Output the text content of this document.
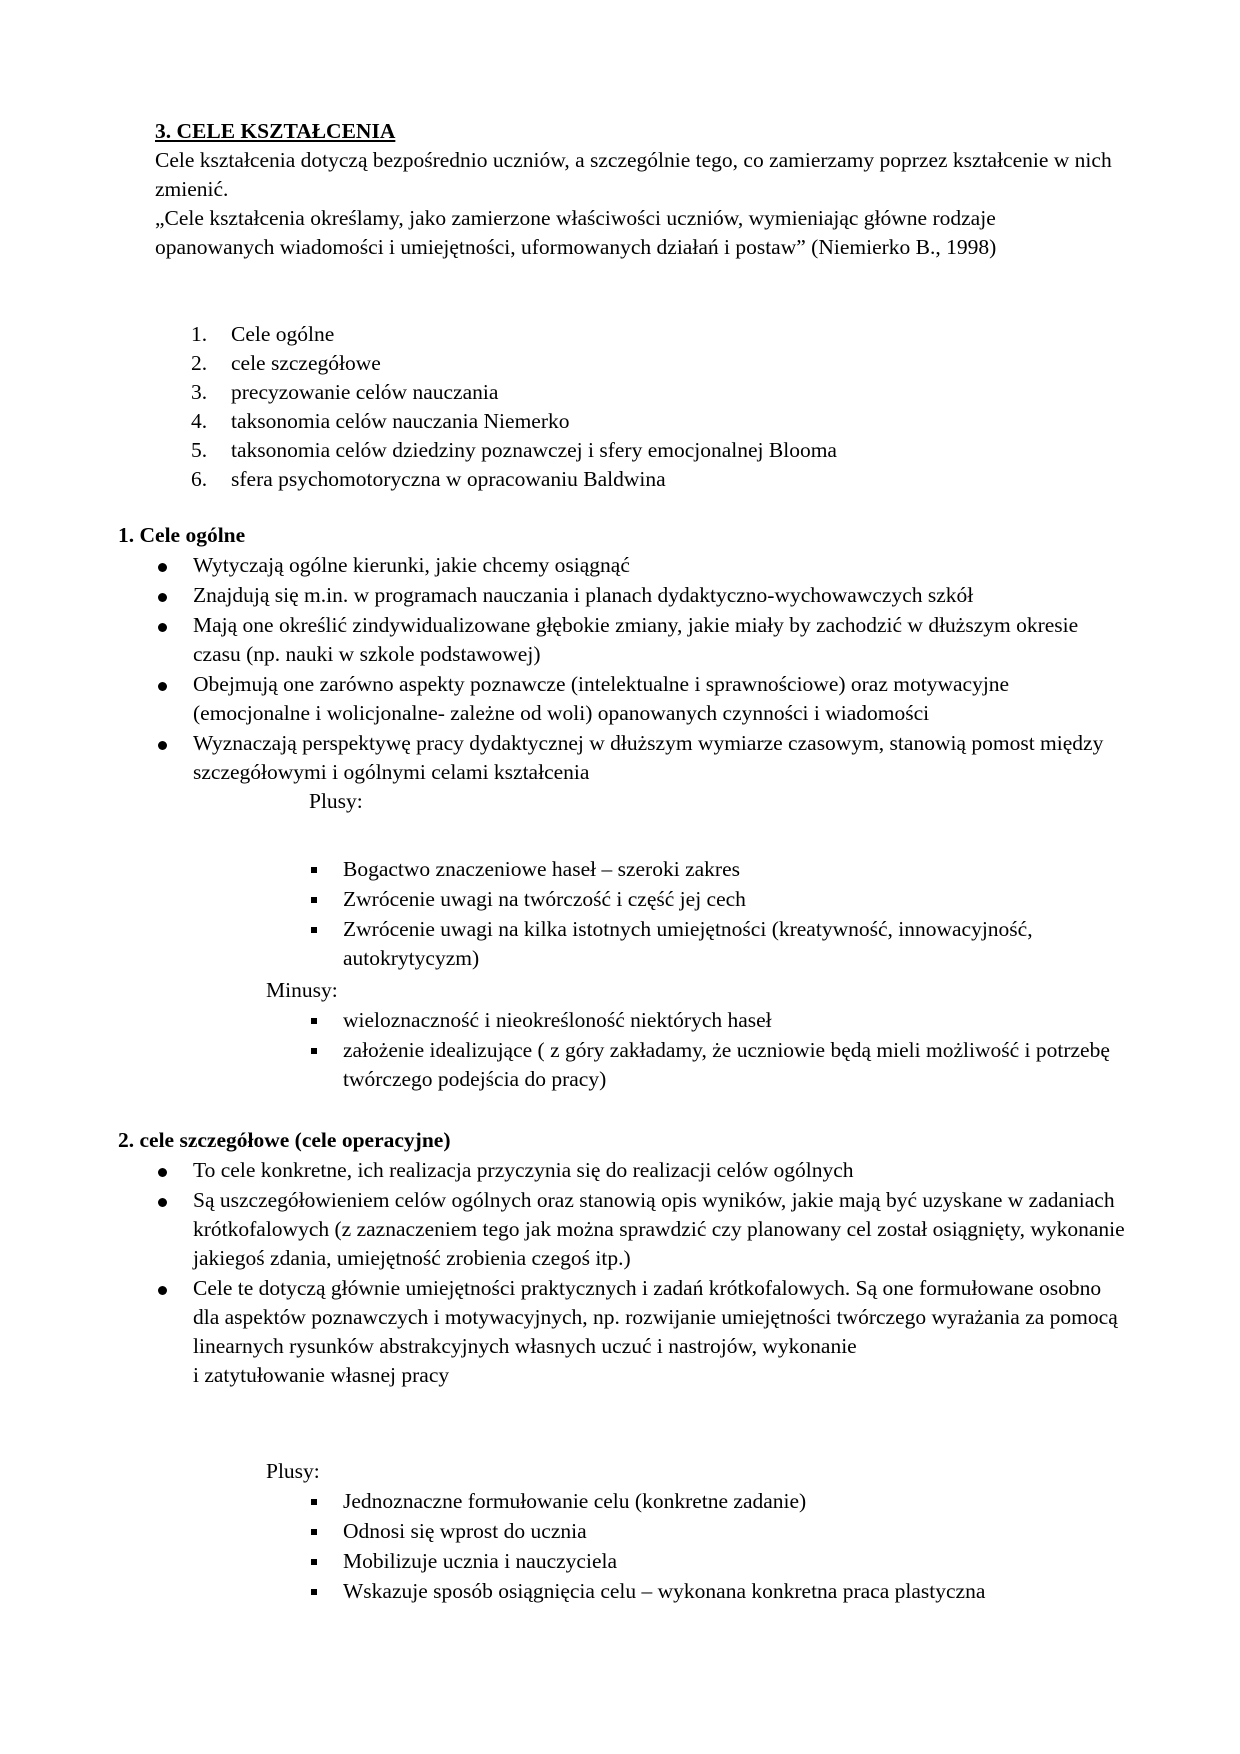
3. CELE KSZTAŁCENIA

Cele kształcenia dotyczą bezpośrednio uczniów, a szczególnie tego, co zamierzamy poprzez kształcenie w nich zmienić.

„Cele kształcenia określamy, jako zamierzone właściwości uczniów, wymieniając główne rodzaje opanowanych wiadomości i umiejętności, uformowanych działań i postaw” (Niemierko B., 1998)

1. Cele ogólne
2. cele szczegółowe
3. precyzowanie celów nauczania
4. taksonomia celów nauczania Niemerko
5. taksonomia celów dziedziny poznawczej i sfery emocjonalnej Blooma
6. sfera psychomotoryczna w opracowaniu Baldwina
1. Cele ogólne
Wytyczają ogólne kierunki, jakie chcemy osiągnąć
Znajdują się m.in. w programach nauczania i planach dydaktyczno-wychowawczych szkół
Mają one określić zindywidualizowane głębokie zmiany, jakie miały by zachodzić w dłuższym okresie czasu (np. nauki w szkole podstawowej)
Obejmują one zarówno aspekty poznawcze (intelektualne i sprawnościowe) oraz motywacyjne (emocjonalne i wolicjonalne- zależne od woli) opanowanych czynności i wiadomości
Wyznaczają perspektywę pracy dydaktycznej w dłuższym wymiarze czasowym, stanowią pomost między szczegółowymi i ogólnymi celami kształcenia
Plusy:
Bogactwo znaczeniowe haseł – szeroki zakres
Zwrócenie uwagi na twórczość i część jej cech
Zwrócenie uwagi na kilka istotnych umiejętności (kreatywność, innowacyjność, autokrytycyzm)
Minusy:
wieloznaczność i nieokreśloność niektórych haseł
założenie idealizujące ( z góry zakładamy, że uczniowie będą mieli możliwość i potrzebę twórczego podejścia do pracy)
2. cele szczegółowe (cele operacyjne)
To cele konkretne, ich realizacja przyczynia się do realizacji celów ogólnych
Są uszczegółowieniem celów ogólnych oraz stanowią opis wyników, jakie mają być uzyskane w zadaniach krótkofalowych (z zaznaczeniem tego jak można sprawdzić czy planowany cel został osiągnięty, wykonanie jakiegoś zdania, umiejętność zrobienia czegoś itp.)
Cele te dotyczą głównie umiejętności praktycznych i zadań krótkofalowych. Są one formułowane osobno dla aspektów poznawczych i motywacyjnych, np. rozwijanie umiejętności twórczego wyrażania za pomocą linearnych rysunków abstrakcyjnych własnych uczuć i nastrojów, wykonanie
i zatytułowanie własnej pracy
Plusy:
Jednoznaczne formułowanie celu (konkretne zadanie)
Odnosi się wprost do ucznia
Mobilizuje ucznia i nauczyciela
Wskazuje sposób osiągnięcia celu – wykonana konkretna praca plastyczna
